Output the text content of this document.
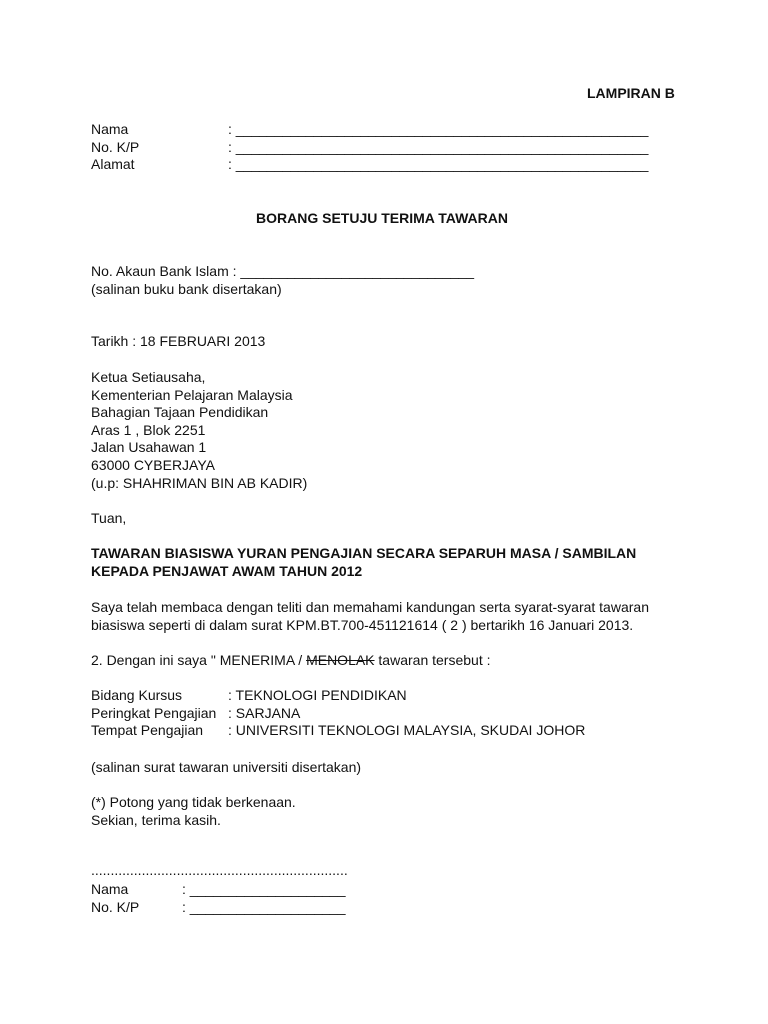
LAMPIRAN B
Nama	: _____________________________________________________
No. K/P	: _____________________________________________________
Alamat	: _____________________________________________________
BORANG SETUJU TERIMA TAWARAN
No. Akaun Bank Islam : ______________________________
(salinan buku bank disertakan)
Tarikh : 18 FEBRUARI 2013
Ketua Setiausaha,
Kementerian Pelajaran Malaysia
Bahagian Tajaan Pendidikan
Aras 1 , Blok 2251
Jalan Usahawan 1
63000 CYBERJAYA
(u.p: SHAHRIMAN BIN AB KADIR)
Tuan,
TAWARAN BIASISWA YURAN PENGAJIAN SECARA SEPARUH MASA / SAMBILAN
KEPADA PENJAWAT AWAM TAHUN 2012
Saya telah membaca dengan teliti dan memahami kandungan serta syarat-syarat tawaran
biasiswa seperti di dalam surat KPM.BT.700-451121614 ( 2 ) bertarikh 16 Januari 2013.
2. Dengan ini saya " MENERIMA / MENOLAK tawaran tersebut :
Bidang Kursus	: TEKNOLOGI PENDIDIKAN
Peringkat Pengajian : SARJANA
Tempat Pengajian : UNIVERSITI TEKNOLOGI MALAYSIA, SKUDAI JOHOR
(salinan surat tawaran universiti disertakan)
(*) Potong yang tidak berkenaan.
Sekian, terima kasih.
..................................................................
Nama	: ____________________
No. K/P	: ____________________
